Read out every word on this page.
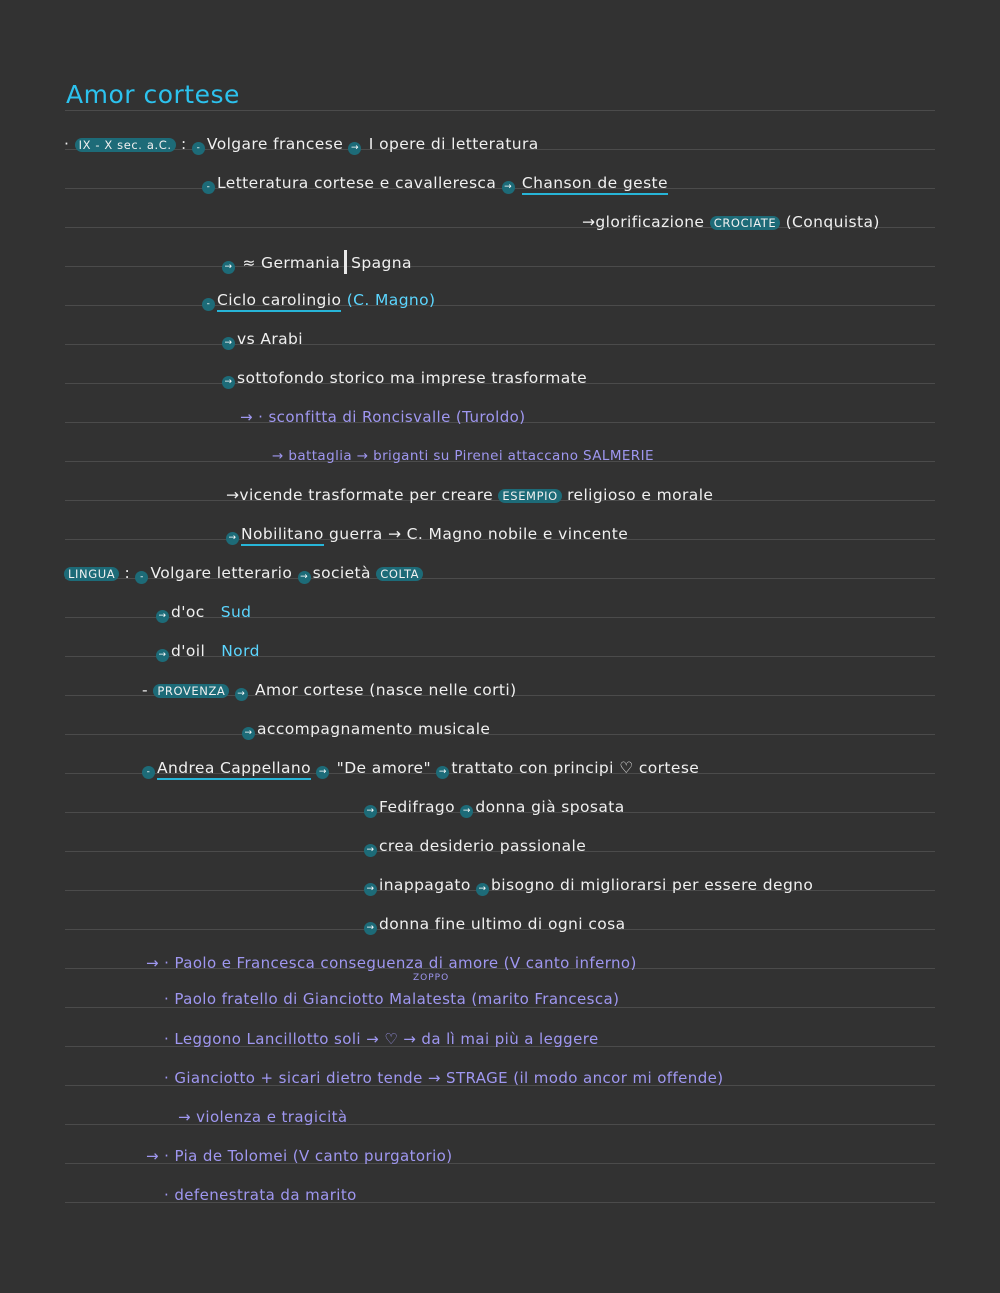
Amor cortese
· IX - X sec. a.C. : - Volgare francese → I opere di letteratura
- Letteratura cortese e cavalleresca → Chanson de geste
→glorificazione CROCIATE (Conquista)
→ ≈ Germania Spagna
- Ciclo carolingio (C. Magno)
→ vs Arabi
→ sottofondo storico ma imprese trasformate
→ · sconfitta di Roncisvalle (Turoldo)
→ battaglia → briganti su Pirenei attaccano SALMERIE
→vicende trasformate per creare ESEMPIO religioso e morale
→ Nobilitano guerra → C. Magno nobile e vincente
LINGUA : - Volgare letterario → società COLTA
→ d'oc Sud
→ d'oil Nord
- PROVENZA → Amor cortese (nasce nelle corti)
→ accompagnamento musicale
- Andrea Cappellano → "De amore" → trattato con principi ♡ cortese
→ Fedifrago → donna già sposata
→ crea desiderio passionale
→ inappagato → bisogno di migliorarsi per essere degno
→ donna fine ultimo di ogni cosa
→ · Paolo e Francesca conseguenza di amore (V canto inferno)
ZOPPO
· Paolo fratello di Gianciotto Malatesta (marito Francesca)
· Leggono Lancillotto soli → ♡ → da lì mai più a leggere
· Gianciotto + sicari dietro tende → STRAGE (il modo ancor mi offende)
→ violenza e tragicità
→ · Pia de Tolomei (V canto purgatorio)
· defenestrata da marito
